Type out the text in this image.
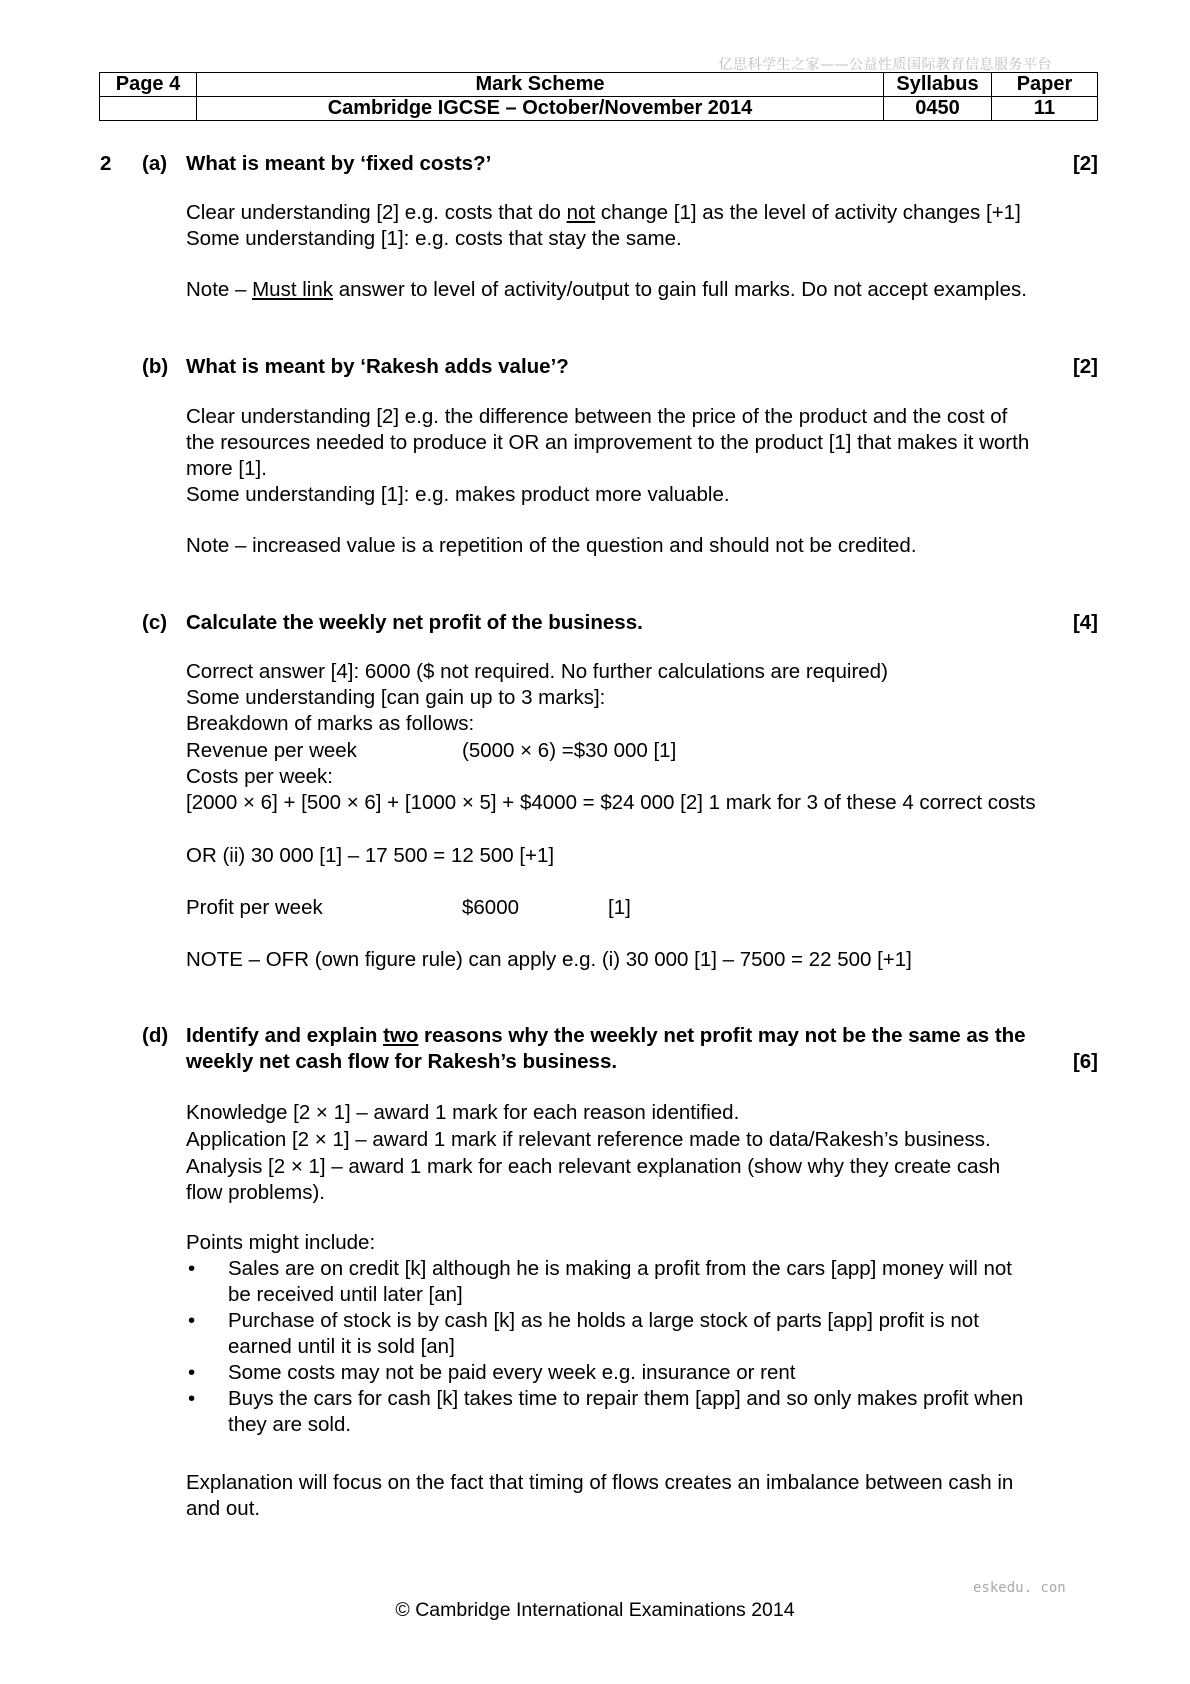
亿思科学生之家——公益性质国际教育信息服务平台
Page 4	Mark Scheme	Syllabus	Paper
	Cambridge IGCSE – October/November 2014	0450	11
2 (a) What is meant by ‘fixed costs?’	[2]
Clear understanding [2] e.g. costs that do not change [1] as the level of activity changes [+1]
Some understanding [1]: e.g. costs that stay the same.
Note – Must link answer to level of activity/output to gain full marks. Do not accept examples.
(b) What is meant by ‘Rakesh adds value’?	[2]
Clear understanding [2] e.g. the difference between the price of the product and the cost of
the resources needed to produce it OR an improvement to the product [1] that makes it worth
more [1].
Some understanding [1]: e.g. makes product more valuable.
Note – increased value is a repetition of the question and should not be credited.
(c) Calculate the weekly net profit of the business.	[4]
Correct answer [4]: 6000 ($ not required. No further calculations are required)
Some understanding [can gain up to 3 marks]:
Breakdown of marks as follows:
Revenue per week	(5000 × 6) =$30 000 [1]
Costs per week:
[2000 × 6] + [500 × 6] + [1000 × 5] + $4000 = $24 000 [2] 1 mark for 3 of these 4 correct costs
OR (ii) 30 000 [1] – 17 500 = 12 500 [+1]
Profit per week	$6000	[1]
NOTE – OFR (own figure rule) can apply e.g. (i) 30 000 [1] – 7500 = 22 500 [+1]
(d) Identify and explain two reasons why the weekly net profit may not be the same as the
weekly net cash flow for Rakesh’s business.	[6]
Knowledge [2 × 1] – award 1 mark for each reason identified.
Application [2 × 1] – award 1 mark if relevant reference made to data/Rakesh’s business.
Analysis [2 × 1] – award 1 mark for each relevant explanation (show why they create cash
flow problems).
Points might include:
• Sales are on credit [k] although he is making a profit from the cars [app] money will not
be received until later [an]
• Purchase of stock is by cash [k] as he holds a large stock of parts [app] profit is not
earned until it is sold [an]
• Some costs may not be paid every week e.g. insurance or rent
• Buys the cars for cash [k] takes time to repair them [app] and so only makes profit when
they are sold.
Explanation will focus on the fact that timing of flows creates an imbalance between cash in
and out.
eskedu. con
© Cambridge International Examinations 2014
